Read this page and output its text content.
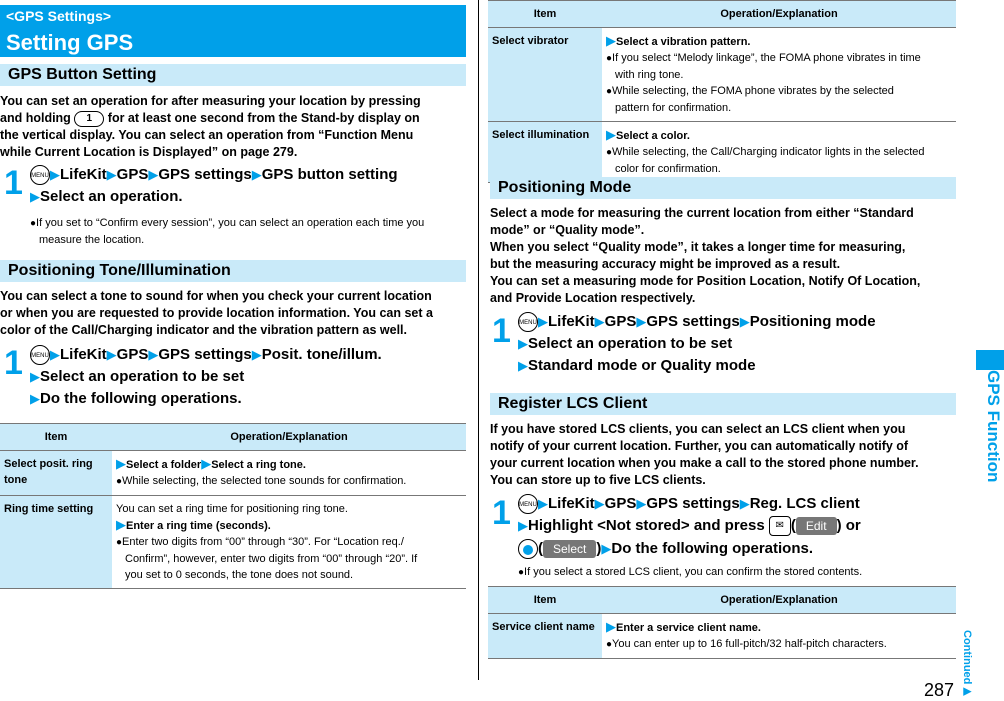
<GPS Settings>
Setting GPS
GPS Button Setting
You can set an operation for after measuring your location by pressing
and holding 1 for at least one second from the Stand-by display on
the vertical display. You can select an operation from “Function Menu
while Current Location is Displayed” on page 279.
1 MENU▶LifeKit▶GPS▶GPS settings▶GPS button setting
▶Select an operation.
●If you set to “Confirm every session”, you can select an operation each time you
measure the location.
Positioning Tone/Illumination
You can select a tone to sound for when you check your current location
or when you are requested to provide location information. You can set a
color of the Call/Charging indicator and the vibration pattern as well.
1 MENU▶LifeKit▶GPS▶GPS settings▶Posit. tone/illum.
▶Select an operation to be set
▶Do the following operations.
Item	Operation/Explanation
Select posit. ring tone	▶Select a folder▶Select a ring tone.
●While selecting, the selected tone sounds for confirmation.

Ring time setting	You can set a ring time for positioning ring tone.
▶Enter a ring time (seconds).
●Enter two digits from “00” through “30”. For “Location req./
Confirm”, however, enter two digits from “00” through “20”. If
you set to 0 seconds, the tone does not sound.
Item	Operation/Explanation
Select vibrator	▶Select a vibration pattern.
●If you select “Melody linkage”, the FOMA phone vibrates in time
with ring tone.
●While selecting, the FOMA phone vibrates by the selected
pattern for confirmation.

Select illumination	▶Select a color.
●While selecting, the Call/Charging indicator lights in the selected
color for confirmation.
Positioning Mode
Select a mode for measuring the current location from either “Standard
mode” or “Quality mode”.
When you select “Quality mode”, it takes a longer time for measuring,
but the measuring accuracy might be improved as a result.
You can set a measuring mode for Position Location, Notify Of Location,
and Provide Location respectively.
1 MENU▶LifeKit▶GPS▶GPS settings▶Positioning mode
▶Select an operation to be set
▶Standard mode or Quality mode
Register LCS Client
If you have stored LCS clients, you can select an LCS client when you
notify of your current location. Further, you can automatically notify of
your current location when you make a call to the stored phone number.
You can store up to five LCS clients.
1 MENU▶LifeKit▶GPS▶GPS settings▶Reg. LCS client
▶Highlight <Not stored> and press ✉ ( Edit ) or
( Select )▶Do the following operations.
●If you select a stored LCS client, you can confirm the stored contents.
Item	Operation/Explanation
Service client name	▶Enter a service client name.
●You can enter up to 16 full-pitch/32 half-pitch characters.
GPS Function
Continued▶
287
